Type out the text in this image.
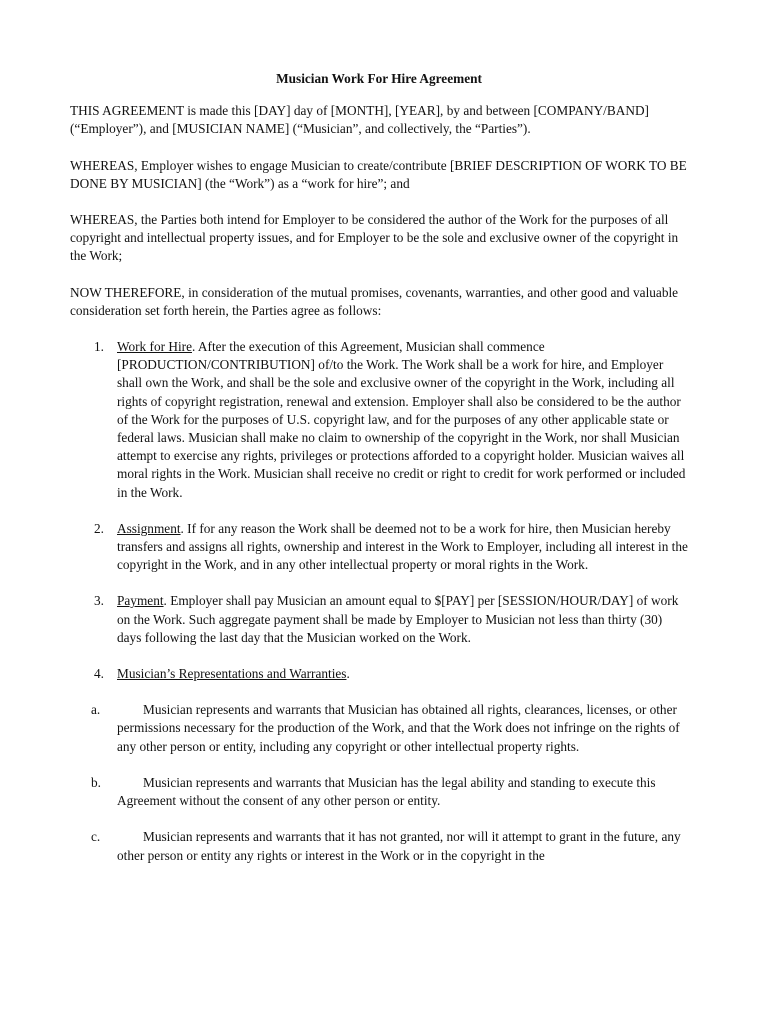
Musician Work For Hire Agreement

THIS AGREEMENT is made this [DAY] day of [MONTH], [YEAR], by and between [COMPANY/BAND] (“Employer”), and [MUSICIAN NAME] (“Musician”, and collectively, the “Parties”).

WHEREAS, Employer wishes to engage Musician to create/contribute [BRIEF DESCRIPTION OF WORK TO BE DONE BY MUSICIAN] (the “Work”) as a “work for hire”; and

WHEREAS, the Parties both intend for Employer to be considered the author of the Work for the purposes of all copyright and intellectual property issues, and for Employer to be the sole and exclusive owner of the copyright in the Work;

NOW THEREFORE, in consideration of the mutual promises, covenants, warranties, and other good and valuable consideration set forth herein, the Parties agree as follows:

1. Work for Hire. After the execution of this Agreement, Musician shall commence [PRODUCTION/CONTRIBUTION] of/to the Work. The Work shall be a work for hire, and Employer shall own the Work, and shall be the sole and exclusive owner of the copyright in the Work, including all rights of copyright registration, renewal and extension. Employer shall also be considered to be the author of the Work for the purposes of U.S. copyright law, and for the purposes of any other applicable state or federal laws. Musician shall make no claim to ownership of the copyright in the Work, nor shall Musician attempt to exercise any rights, privileges or protections afforded to a copyright holder. Musician waives all moral rights in the Work. Musician shall receive no credit or right to credit for work performed or included in the Work.
2. Assignment. If for any reason the Work shall be deemed not to be a work for hire, then Musician hereby transfers and assigns all rights, ownership and interest in the Work to Employer, including all interest in the copyright in the Work, and in any other intellectual property or moral rights in the Work.
3. Payment. Employer shall pay Musician an amount equal to $[PAY] per [SESSION/HOUR/DAY] of work on the Work. Such aggregate payment shall be made by Employer to Musician not less than thirty (30) days following the last day that the Musician worked on the Work.
4. Musician’s Representations and Warranties.
a.	Musician represents and warrants that Musician has obtained all rights, clearances, licenses, or other permissions necessary for the production of the Work, and that the Work does not infringe on the rights of any other person or entity, including any copyright or other intellectual property rights.
b.	Musician represents and warrants that Musician has the legal ability and standing to execute this Agreement without the consent of any other person or entity.
c.	Musician represents and warrants that it has not granted, nor will it attempt to grant in the future, any other person or entity any rights or interest in the Work or in the copyright in the
